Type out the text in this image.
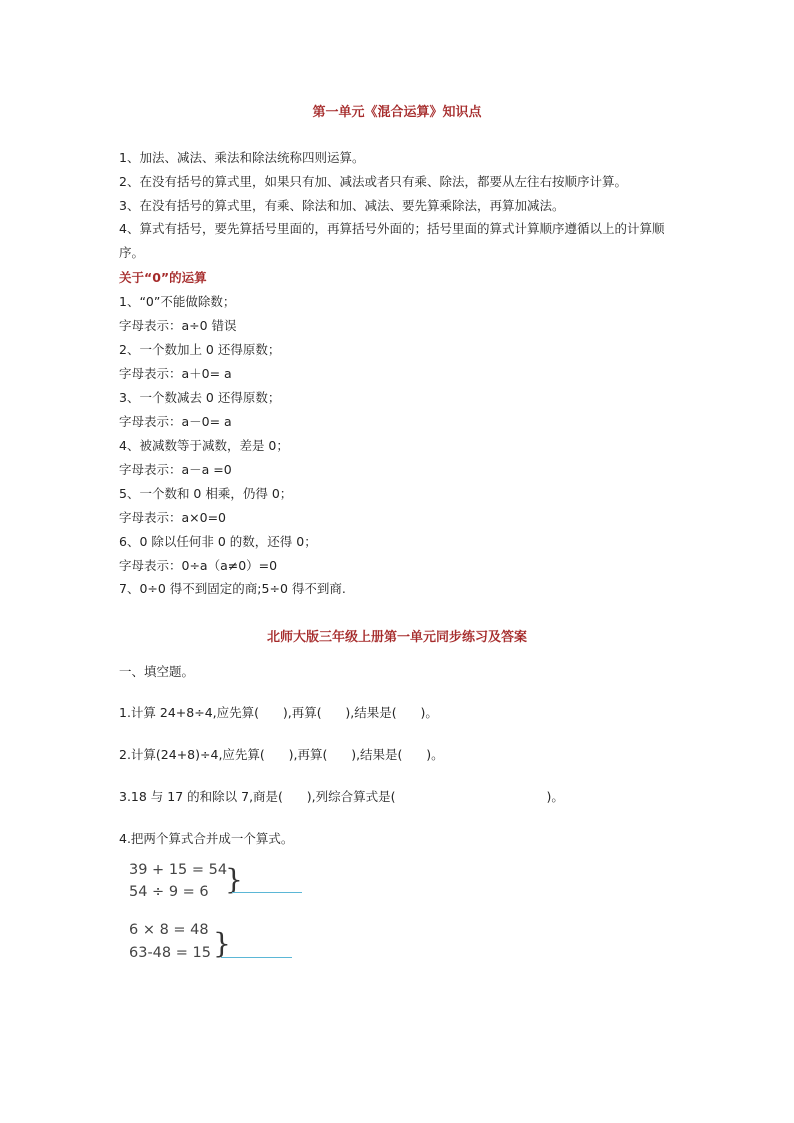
第一单元《混合运算》知识点
1、加法、减法、乘法和除法统称四则运算。
2、在没有括号的算式里，如果只有加、减法或者只有乘、除法，都要从左往右按顺序计算。
3、在没有括号的算式里，有乘、除法和加、减法、要先算乘除法，再算加减法。
4、算式有括号，要先算括号里面的，再算括号外面的；括号里面的算式计算顺序遵循以上的计算顺序。
关于“0”的运算
1、“0”不能做除数；
字母表示：a÷0 错误
2、一个数加上 0 还得原数；
字母表示：a＋0= a
3、一个数减去 0 还得原数；
字母表示：a－0= a
4、被减数等于减数，差是 0；
字母表示：a－a =0
5、一个数和 0 相乘，仍得 0；
字母表示：a×0=0
6、0 除以任何非 0 的数，还得 0；
字母表示：0÷a（a≠0）=0
7、0÷0 得不到固定的商;5÷0 得不到商.
北师大版三年级上册第一单元同步练习及答案
一、填空题。
1.计算 24+8÷4,应先算(      ),再算(      ),结果是(      )。
2.计算(24+8)÷4,应先算(      ),再算(      ),结果是(      )。
3.18 与 17 的和除以 7,商是(      ),列综合算式是(                                      )。
4.把两个算式合并成一个算式。
39 + 15 = 54
54 ÷ 9 = 6 }
6 × 8 = 48
63-48 = 15 }
